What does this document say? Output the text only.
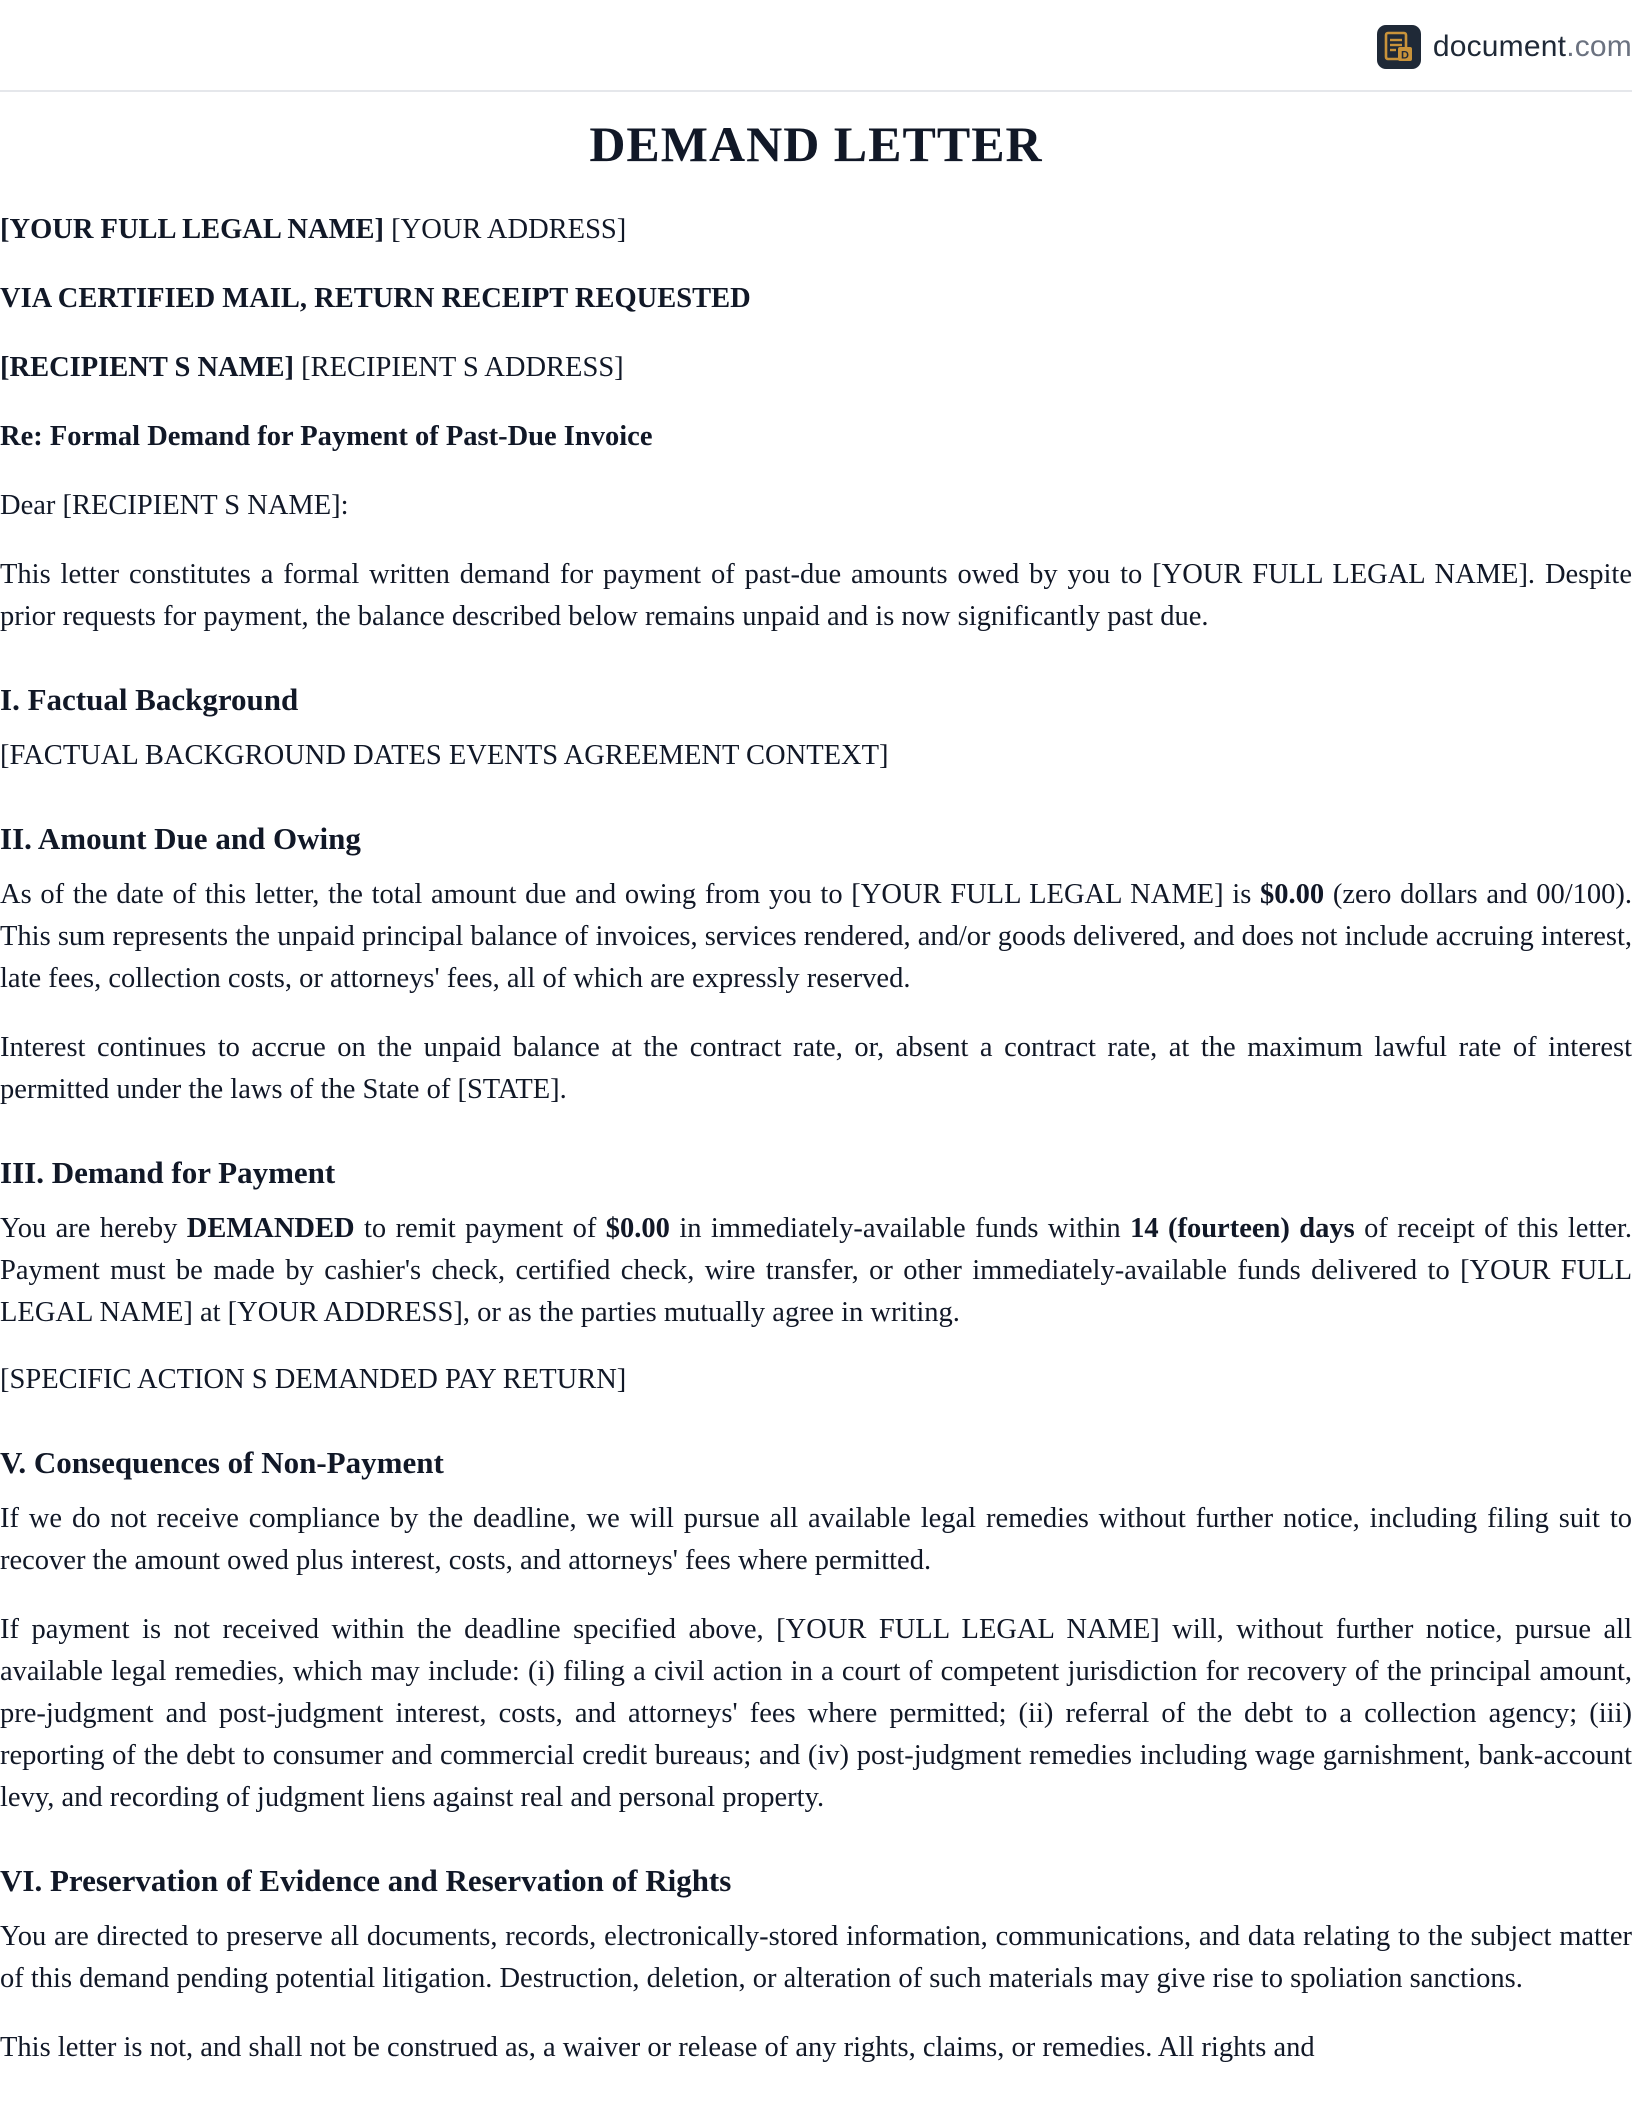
D document.com
DEMAND LETTER

[YOUR FULL LEGAL NAME] [YOUR ADDRESS]

VIA CERTIFIED MAIL, RETURN RECEIPT REQUESTED

[RECIPIENT S NAME] [RECIPIENT S ADDRESS]

Re: Formal Demand for Payment of Past-Due Invoice

Dear [RECIPIENT S NAME]:

This letter constitutes a formal written demand for payment of past-due amounts owed by you to [YOUR FULL LEGAL NAME]. Despite prior requests for payment, the balance described below remains unpaid and is now significantly past due.

I. Factual Background

[FACTUAL BACKGROUND DATES EVENTS AGREEMENT CONTEXT]

II. Amount Due and Owing

As of the date of this letter, the total amount due and owing from you to [YOUR FULL LEGAL NAME] is $0.00 (zero dollars and 00/100). This sum represents the unpaid principal balance of invoices, services rendered, and/or goods delivered, and does not include accruing interest, late fees, collection costs, or attorneys' fees, all of which are expressly reserved.

Interest continues to accrue on the unpaid balance at the contract rate, or, absent a contract rate, at the maximum lawful rate of interest permitted under the laws of the State of [STATE].

III. Demand for Payment

You are hereby DEMANDED to remit payment of $0.00 in immediately-available funds within 14 (fourteen) days of receipt of this letter. Payment must be made by cashier's check, certified check, wire transfer, or other immediately-available funds delivered to [YOUR FULL LEGAL NAME] at [YOUR ADDRESS], or as the parties mutually agree in writing.

[SPECIFIC ACTION S DEMANDED PAY RETURN]

V. Consequences of Non-Payment

If we do not receive compliance by the deadline, we will pursue all available legal remedies without further notice, including filing suit to recover the amount owed plus interest, costs, and attorneys' fees where permitted.

If payment is not received within the deadline specified above, [YOUR FULL LEGAL NAME] will, without further notice, pursue all available legal remedies, which may include: (i) filing a civil action in a court of competent jurisdiction for recovery of the principal amount, pre-judgment and post-judgment interest, costs, and attorneys' fees where permitted; (ii) referral of the debt to a collection agency; (iii) reporting of the debt to consumer and commercial credit bureaus; and (iv) post-judgment remedies including wage garnishment, bank-account levy, and recording of judgment liens against real and personal property.

VI. Preservation of Evidence and Reservation of Rights

You are directed to preserve all documents, records, electronically-stored information, communications, and data relating to the subject matter of this demand pending potential litigation. Destruction, deletion, or alteration of such materials may give rise to spoliation sanctions.

This letter is not, and shall not be construed as, a waiver or release of any rights, claims, or remedies. All rights and
